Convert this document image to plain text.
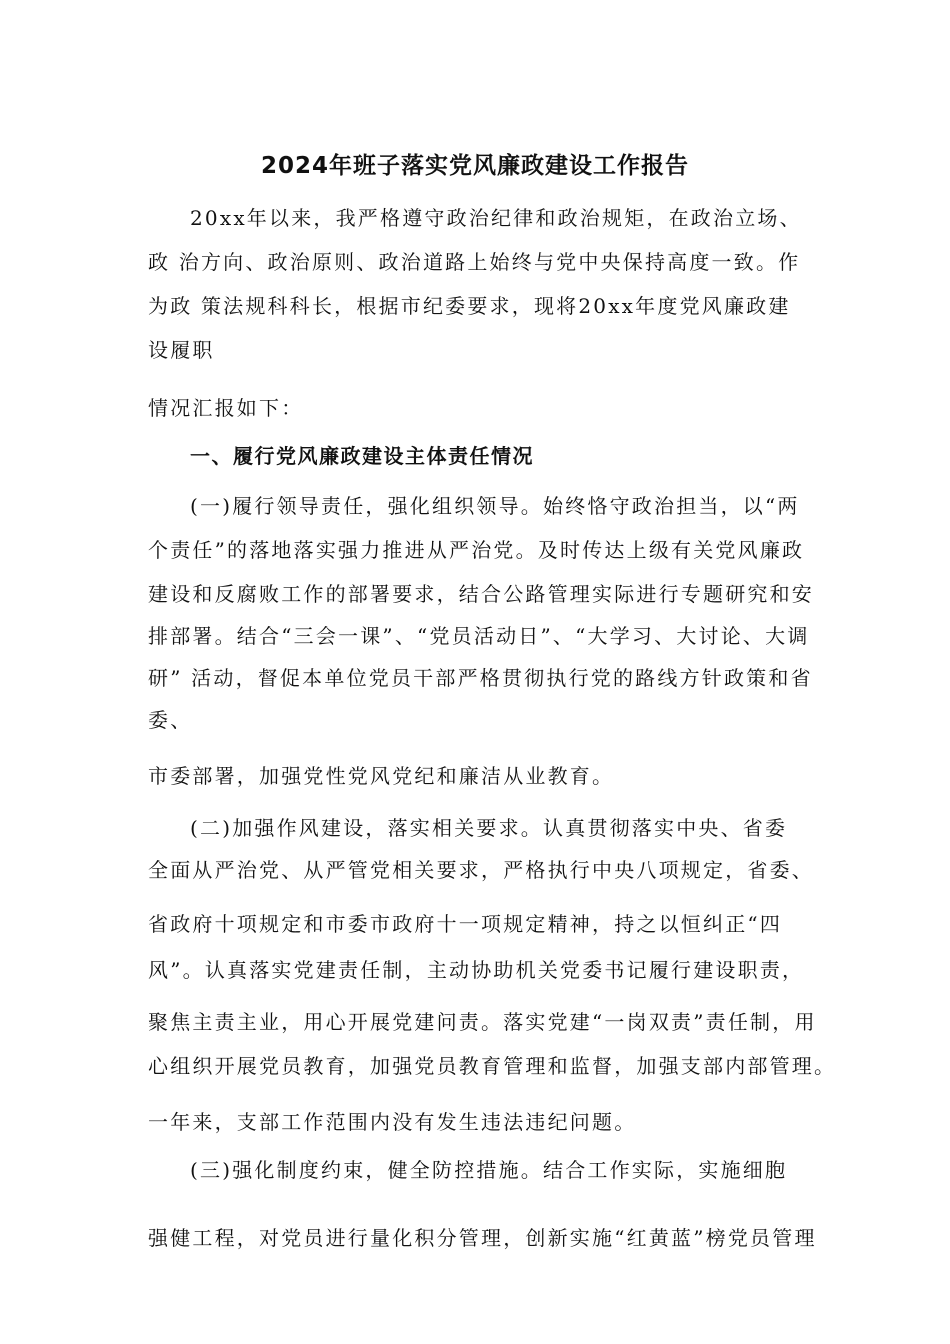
2024年班子落实党风廉政建设工作报告
20xx年以来，我严格遵守政治纪律和政治规矩，在政治立场、
政 治方向、政治原则、政治道路上始终与党中央保持高度一致。作
为政 策法规科科长，根据市纪委要求，现将20xx年度党风廉政建
设履职
情况汇报如下：
一、履行党风廉政建设主体责任情况
(一)履行领导责任，强化组织领导。始终恪守政治担当，以“两
个责任”的落地落实强力推进从严治党。及时传达上级有关党风廉政
建设和反腐败工作的部署要求，结合公路管理实际进行专题研究和安
排部署。结合“三会一课”、“党员活动日”、“大学习、大讨论、大调
研” 活动，督促本单位党员干部严格贯彻执行党的路线方针政策和省
委、
市委部署，加强党性党风党纪和廉洁从业教育。
(二)加强作风建设，落实相关要求。认真贯彻落实中央、省委
全面从严治党、从严管党相关要求，严格执行中央八项规定，省委、
省政府十项规定和市委市政府十一项规定精神，持之以恒纠正“四
风”。认真落实党建责任制，主动协助机关党委书记履行建设职责，
聚焦主责主业，用心开展党建问责。落实党建“一岗双责”责任制，用
心组织开展党员教育，加强党员教育管理和监督，加强支部内部管理。
一年来，支部工作范围内没有发生违法违纪问题。
(三)强化制度约束，健全防控措施。结合工作实际，实施细胞
强健工程，对党员进行量化积分管理，创新实施“红黄蓝”榜党员管理
